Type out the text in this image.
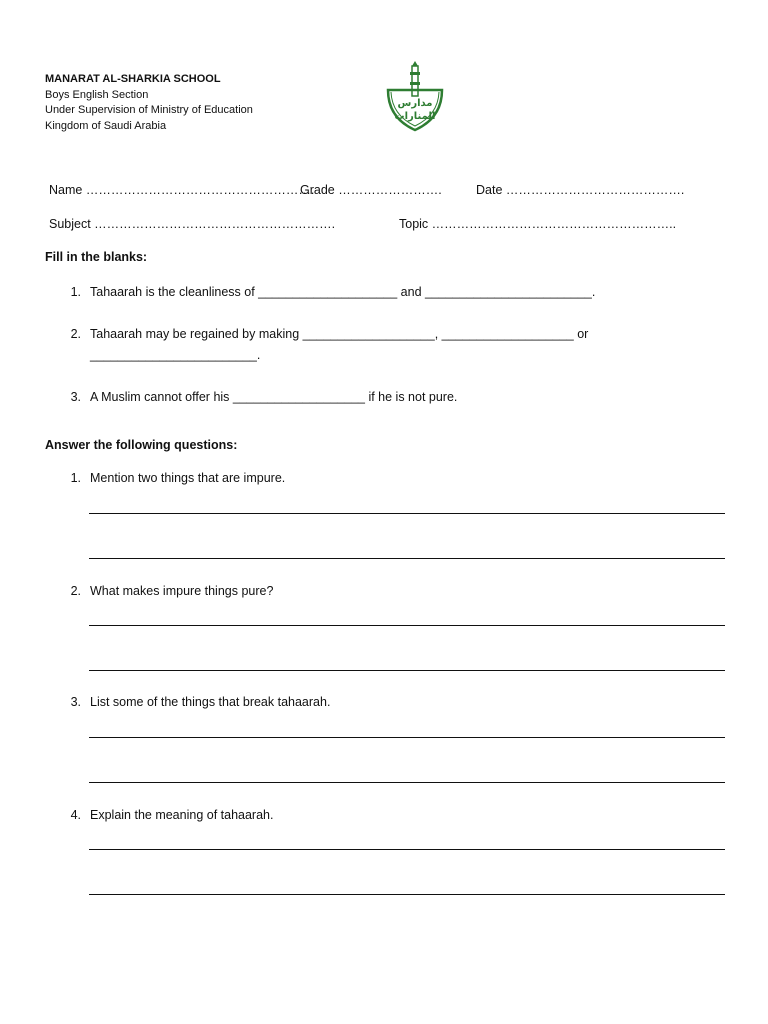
MANARAT AL-SHARKIA SCHOOL
Boys English Section
Under Supervision of Ministry of Education
Kingdom of Saudi Arabia
مدارس
المنارات
Name ……………………………………………….
Grade …………………….	Date …………………………………….
Subject ………………………………………………….	Topic …………………………………………………..
Fill in the blanks:
1. Tahaarah is the cleanliness of ____________________ and ________________________.
2. Tahaarah may be regained by making ___________________, ___________________ or
________________________.
3. A Muslim cannot offer his ___________________ if he is not pure.
Answer the following questions:
1. Mention two things that are impure.
2. What makes impure things pure?
3. List some of the things that break tahaarah.
4. Explain the meaning of tahaarah.
